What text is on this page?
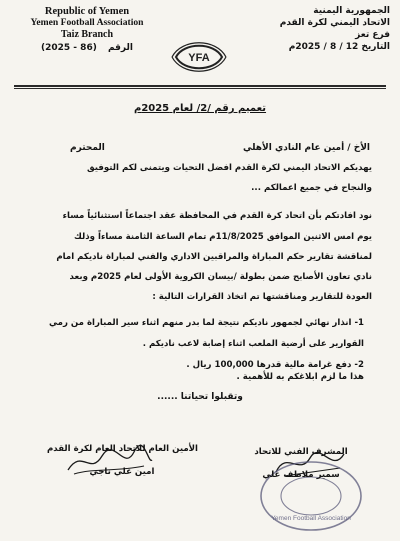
Republic of Yemen
Yemen Football Association
Taiz Branch
(2025 - 86) الرقم
الجمهورية اليمنية
الاتحاد اليمني لكرة القدم
فرع تعز
التاريخ 12 / 8 / 2025م
YFA
تعميم رقم /2/ لعام 2025م
الأخ / أمين عام النادي الأهلي
المحترم
يهديكم الاتحاد اليمني لكرة القدم افضل التحيات ويتمنى لكم التوفيق
والنجاح في جميع اعمالكم ...
نود افادتكم بأن اتحاد كرة القدم في المحافظة عقد اجتماعاً استثنائياً مساء
يوم امس الاثنين الموافق 11/8/2025م تمام الساعة الثامنة مساءاً وذلك
لمناقشة تقارير حكم المباراة والمراقبين الاداري والفني لمباراة ناديكم امام
نادي تعاون الأصابح ضمن بطولة /بيسان الكروية الأولى لعام 2025م وبعد
العودة للتقارير ومناقشتها تم اتخاذ القرارات التالية :
1- انذار نهائي لجمهور ناديكم نتيجة لما بدر منهم اثناء سير المباراة من رمي
القوارير على أرضية الملعب اثناء إصابة لاعب ناديكم .
2- دفع غرامة مالية قدرها 100,000 ريال .
هذا ما لزم ابلاغكم به للأهمية .
وتقبلوا تحياتنا ......
Yemen Football Association
الأمين العام للاتحاد العام لكرة القدم
امين علي ناجي
المشرف الفني للاتحاد
سمير ملاطف علي
